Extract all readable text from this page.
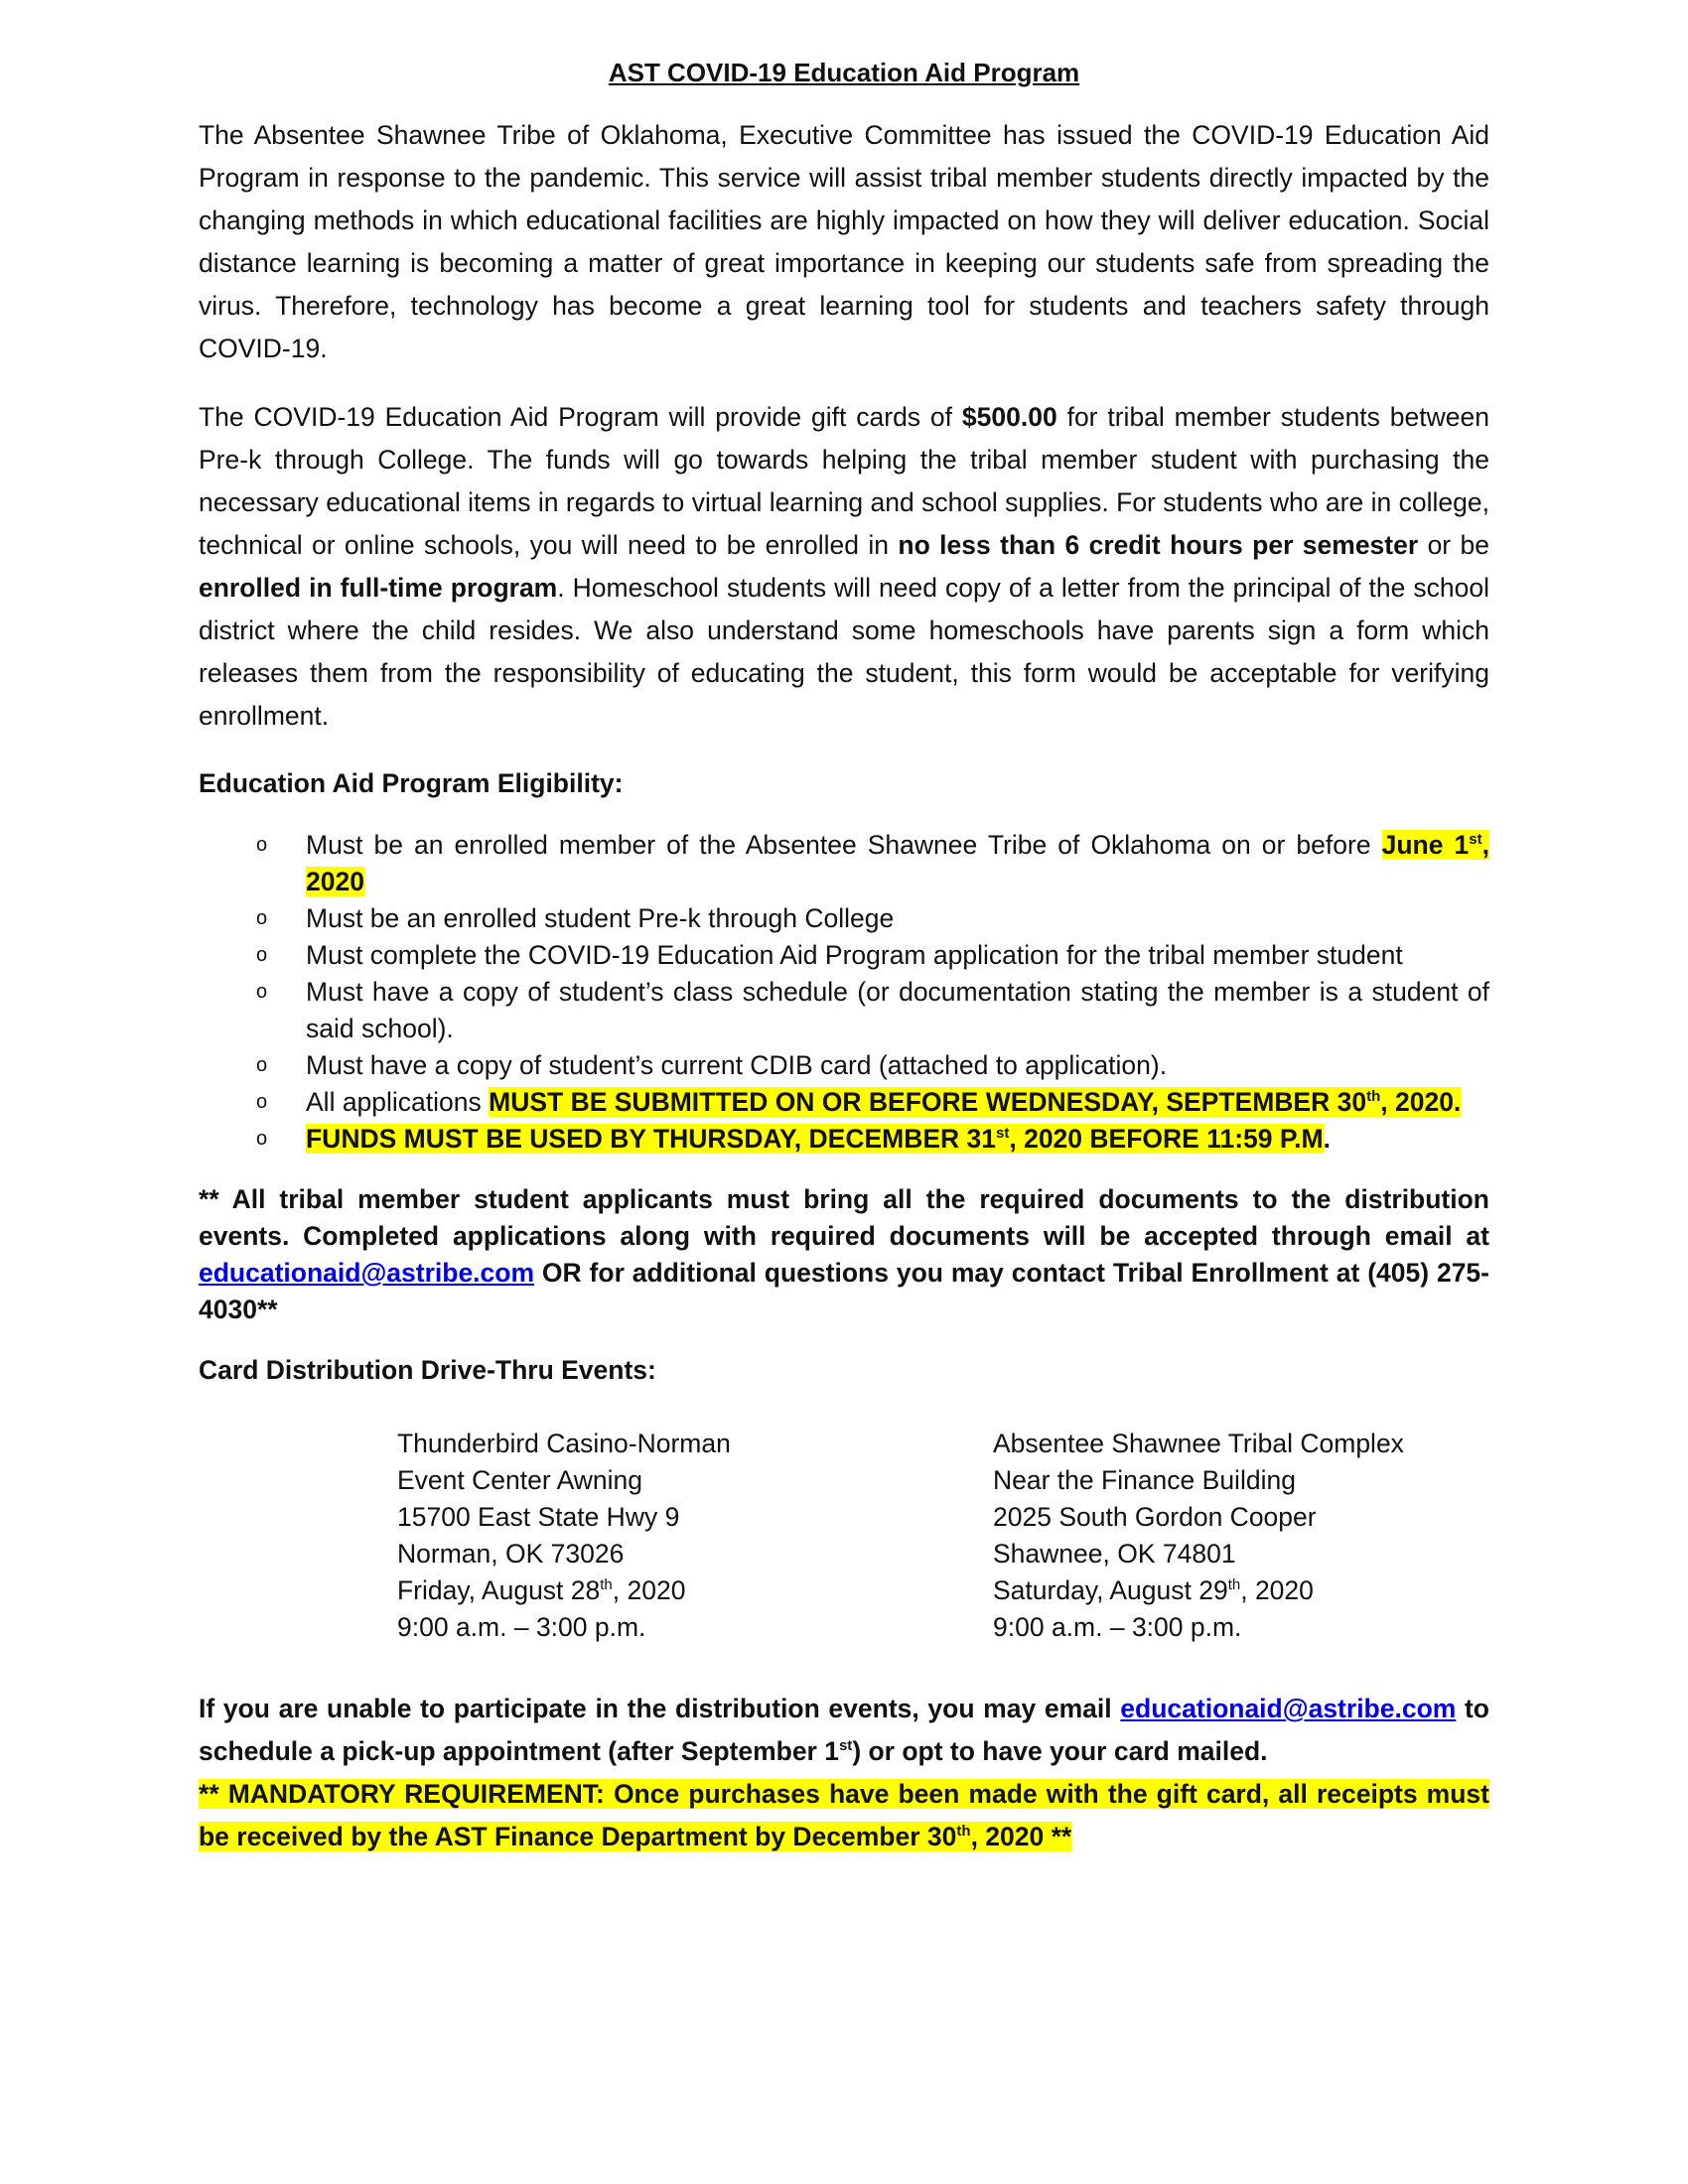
AST COVID-19 Education Aid Program

The Absentee Shawnee Tribe of Oklahoma, Executive Committee has issued the COVID-19 Education Aid Program in response to the pandemic. This service will assist tribal member students directly impacted by the changing methods in which educational facilities are highly impacted on how they will deliver education. Social distance learning is becoming a matter of great importance in keeping our students safe from spreading the virus. Therefore, technology has become a great learning tool for students and teachers safety through COVID-19.

The COVID-19 Education Aid Program will provide gift cards of $500.00 for tribal member students between Pre-k through College. The funds will go towards helping the tribal member student with purchasing the necessary educational items in regards to virtual learning and school supplies. For students who are in college, technical or online schools, you will need to be enrolled in no less than 6 credit hours per semester or be enrolled in full-time program. Homeschool students will need copy of a letter from the principal of the school district where the child resides. We also understand some homeschools have parents sign a form which releases them from the responsibility of educating the student, this form would be acceptable for verifying enrollment.

Education Aid Program Eligibility:
o Must be an enrolled member of the Absentee Shawnee Tribe of Oklahoma on or before June 1st, 2020
o Must be an enrolled student Pre-k through College
o Must complete the COVID-19 Education Aid Program application for the tribal member student
o Must have a copy of student’s class schedule (or documentation stating the member is a student of said school).
o Must have a copy of student’s current CDIB card (attached to application).
o All applications MUST BE SUBMITTED ON OR BEFORE WEDNESDAY, SEPTEMBER 30th, 2020.
o FUNDS MUST BE USED BY THURSDAY, DECEMBER 31st, 2020 BEFORE 11:59 P.M.

** All tribal member student applicants must bring all the required documents to the distribution events. Completed applications along with required documents will be accepted through email at educationaid@astribe.com OR for additional questions you may contact Tribal Enrollment at (405) 275-4030**

Card Distribution Drive-Thru Events:
Thunderbird Casino-Norman
Event Center Awning
15700 East State Hwy 9
Norman, OK 73026
Friday, August 28th, 2020
9:00 a.m. – 3:00 p.m.
Absentee Shawnee Tribal Complex
Near the Finance Building
2025 South Gordon Cooper
Shawnee, OK 74801
Saturday, August 29th, 2020
9:00 a.m. – 3:00 p.m.

If you are unable to participate in the distribution events, you may email educationaid@astribe.com to schedule a pick-up appointment (after September 1st) or opt to have your card mailed.
** MANDATORY REQUIREMENT: Once purchases have been made with the gift card, all receipts must be received by the AST Finance Department by December 30th, 2020 **
